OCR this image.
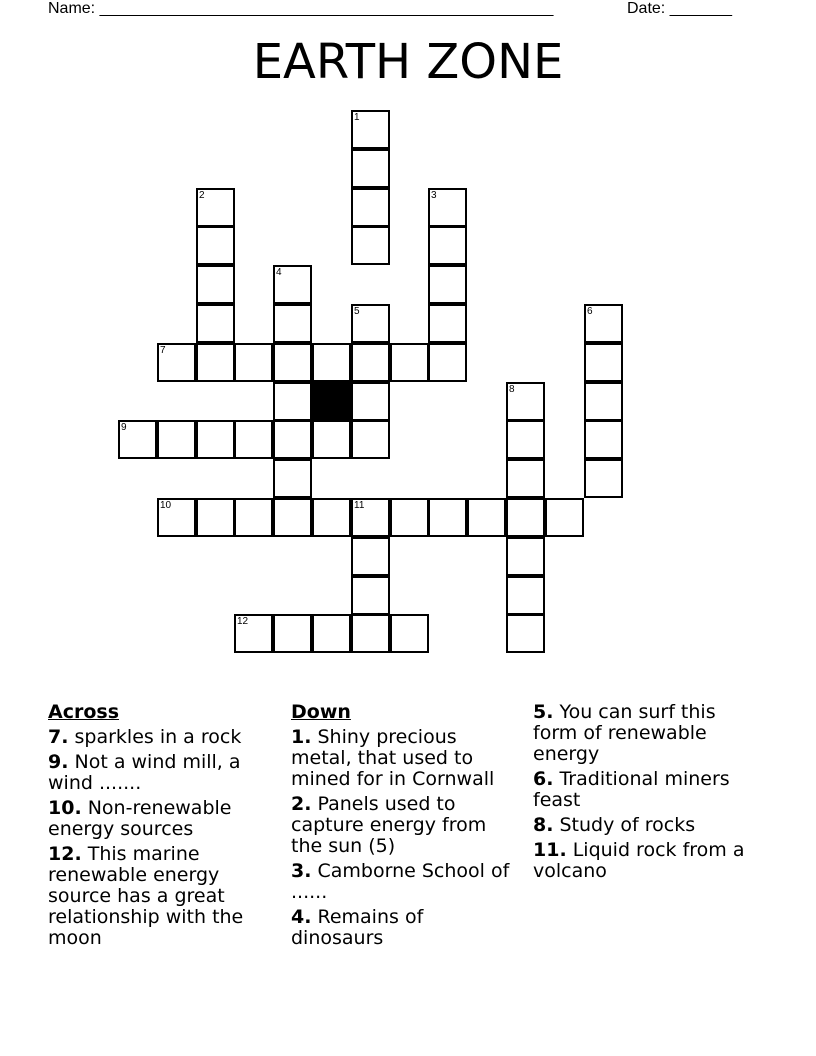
Name: ___________________________________________________	Date: _______
EARTH ZONE
1
2	3
4
5	6
7
8
9
10	11
12
Across
7. sparkles in a rock
9. Not a wind mill, a wind .......
10. Non-renewable energy sources
12. This marine renewable energy source has a great relationship with the moon
Down
1. Shiny precious metal, that used to mined for in Cornwall
2. Panels used to capture energy from the sun (5)
3. Camborne School of ......
4. Remains of dinosaurs
5. You can surf this form of renewable energy
6. Traditional miners feast
8. Study of rocks
11. Liquid rock from a volcano
